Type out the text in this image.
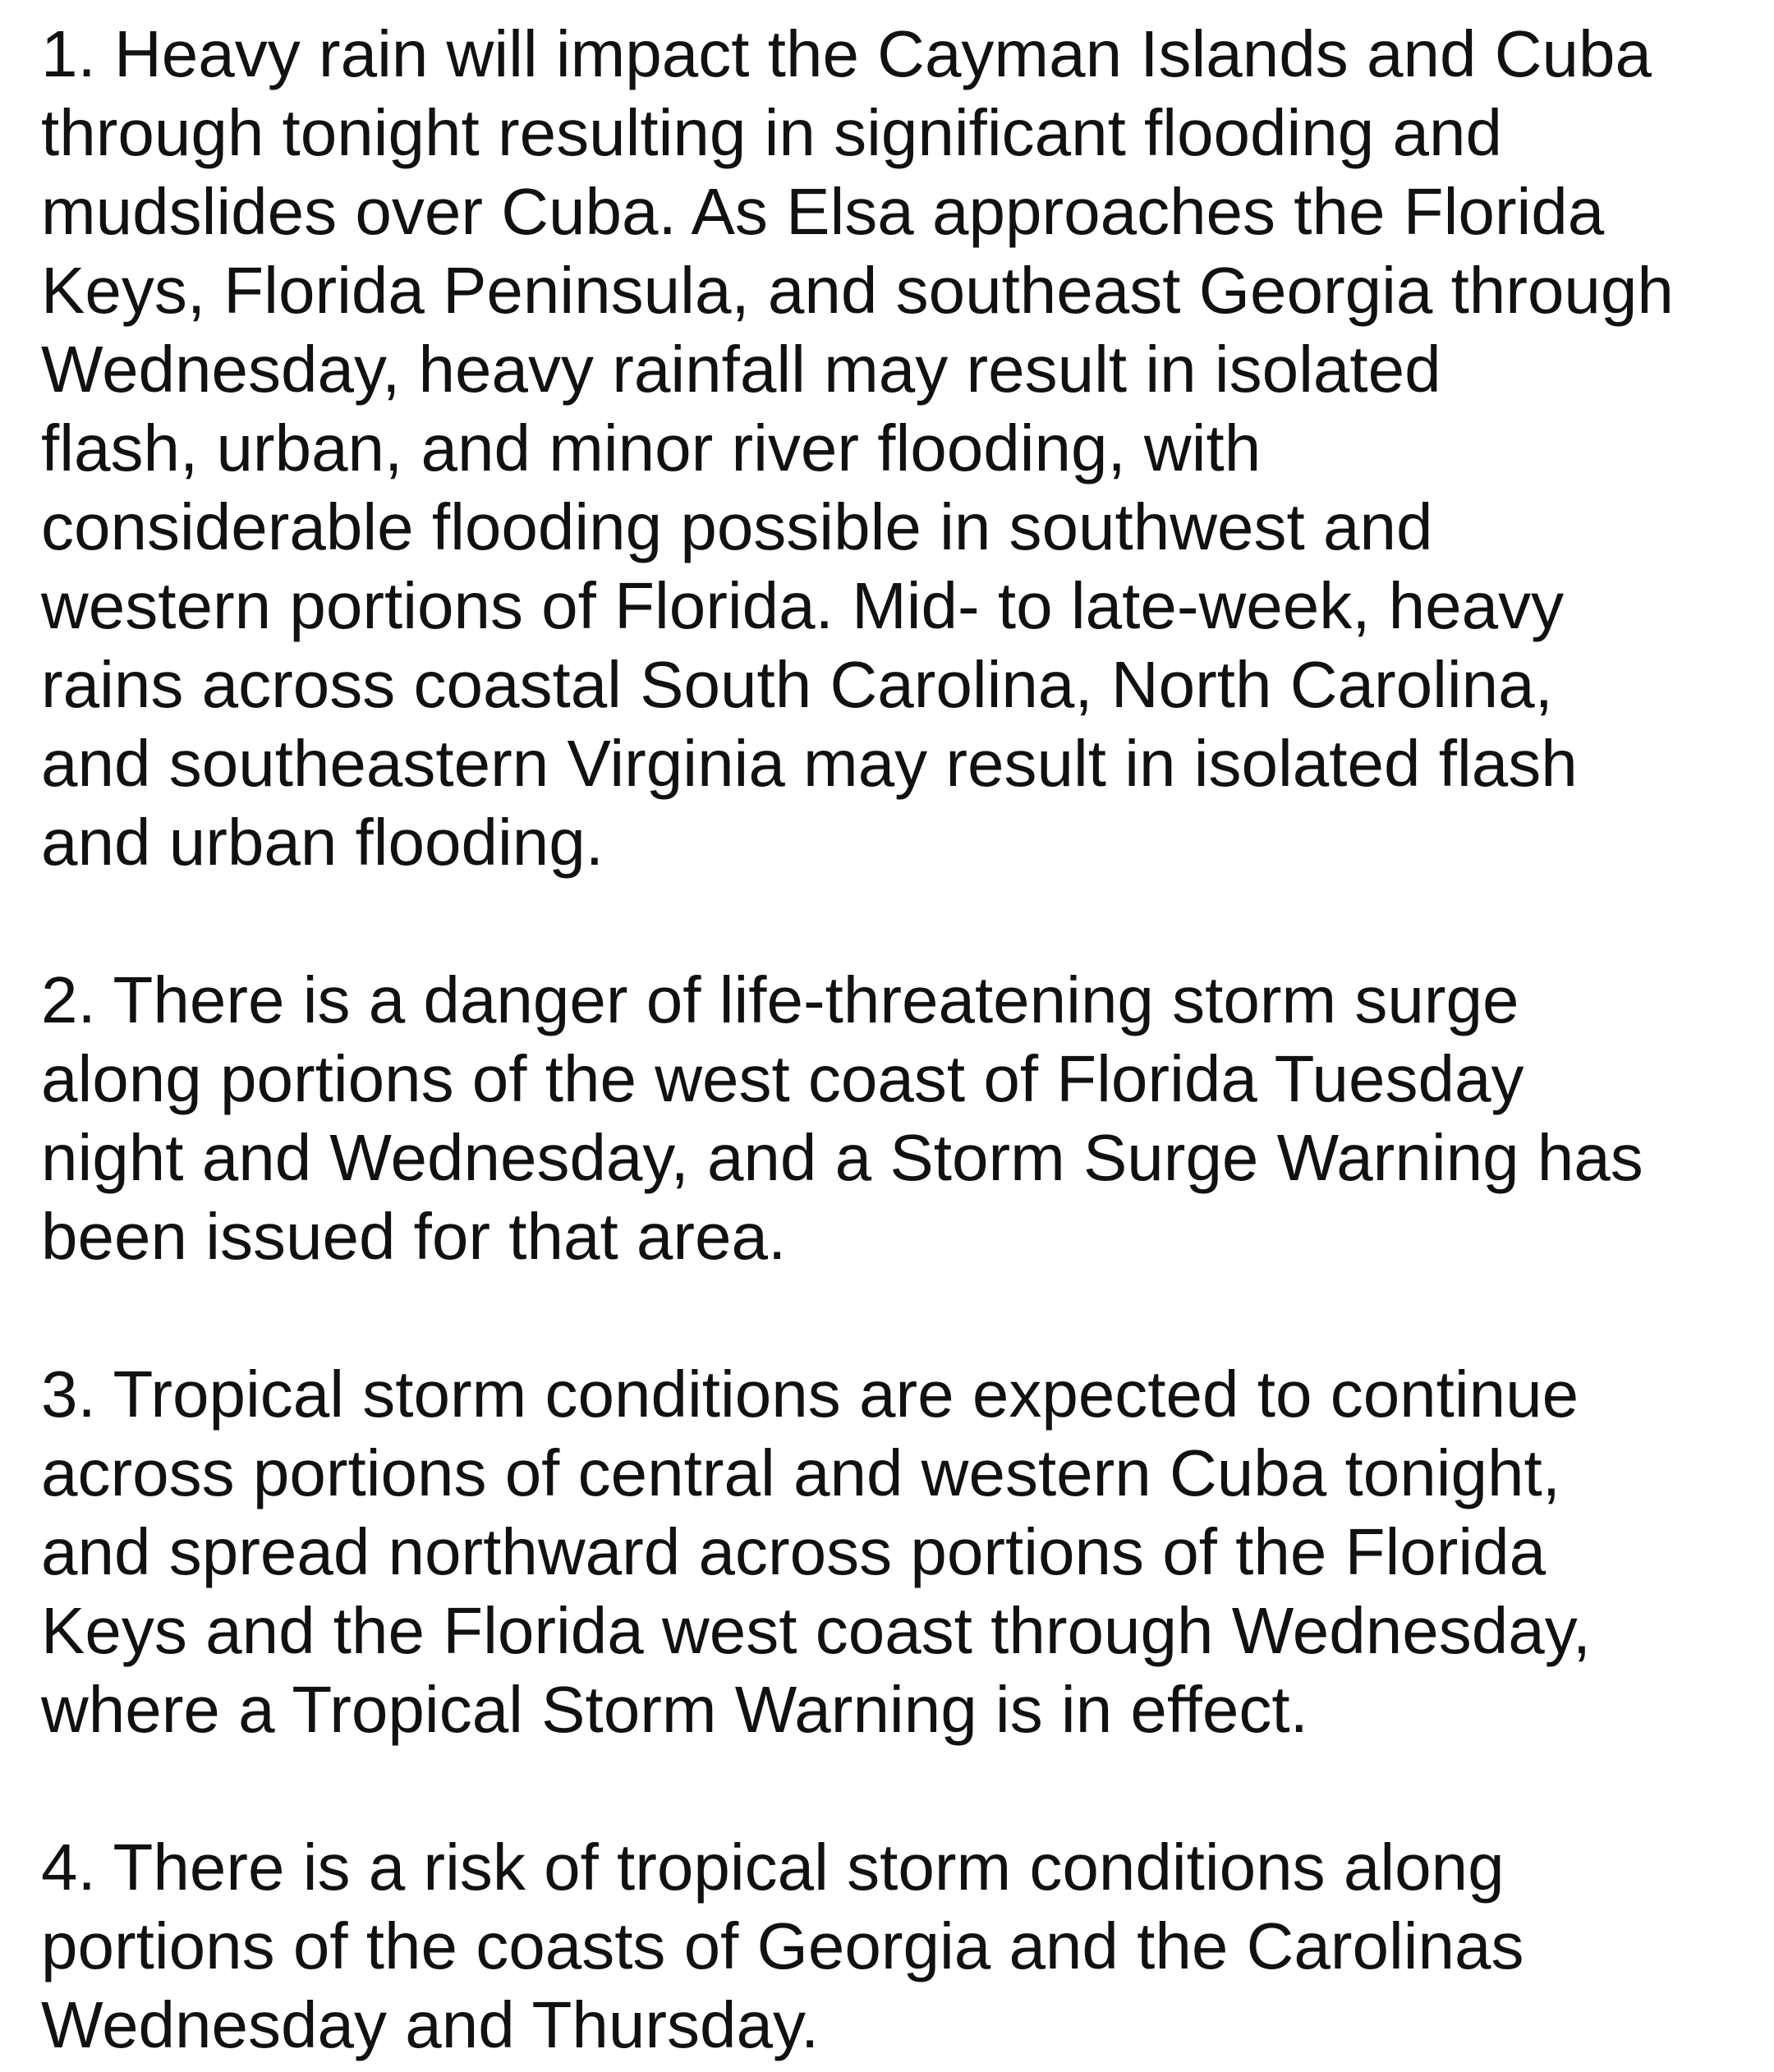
1. Heavy rain will impact the Cayman Islands and Cuba
through tonight resulting in significant flooding and
mudslides over Cuba. As Elsa approaches the Florida
Keys, Florida Peninsula, and southeast Georgia through
Wednesday, heavy rainfall may result in isolated
flash, urban, and minor river flooding, with
considerable flooding possible in southwest and
western portions of Florida. Mid- to late-week, heavy
rains across coastal South Carolina, North Carolina,
and southeastern Virginia may result in isolated flash
and urban flooding.
2. There is a danger of life-threatening storm surge
along portions of the west coast of Florida Tuesday
night and Wednesday, and a Storm Surge Warning has
been issued for that area.
3. Tropical storm conditions are expected to continue
across portions of central and western Cuba tonight,
and spread northward across portions of the Florida
Keys and the Florida west coast through Wednesday,
where a Tropical Storm Warning is in effect.
4. There is a risk of tropical storm conditions along
portions of the coasts of Georgia and the Carolinas
Wednesday and Thursday.
